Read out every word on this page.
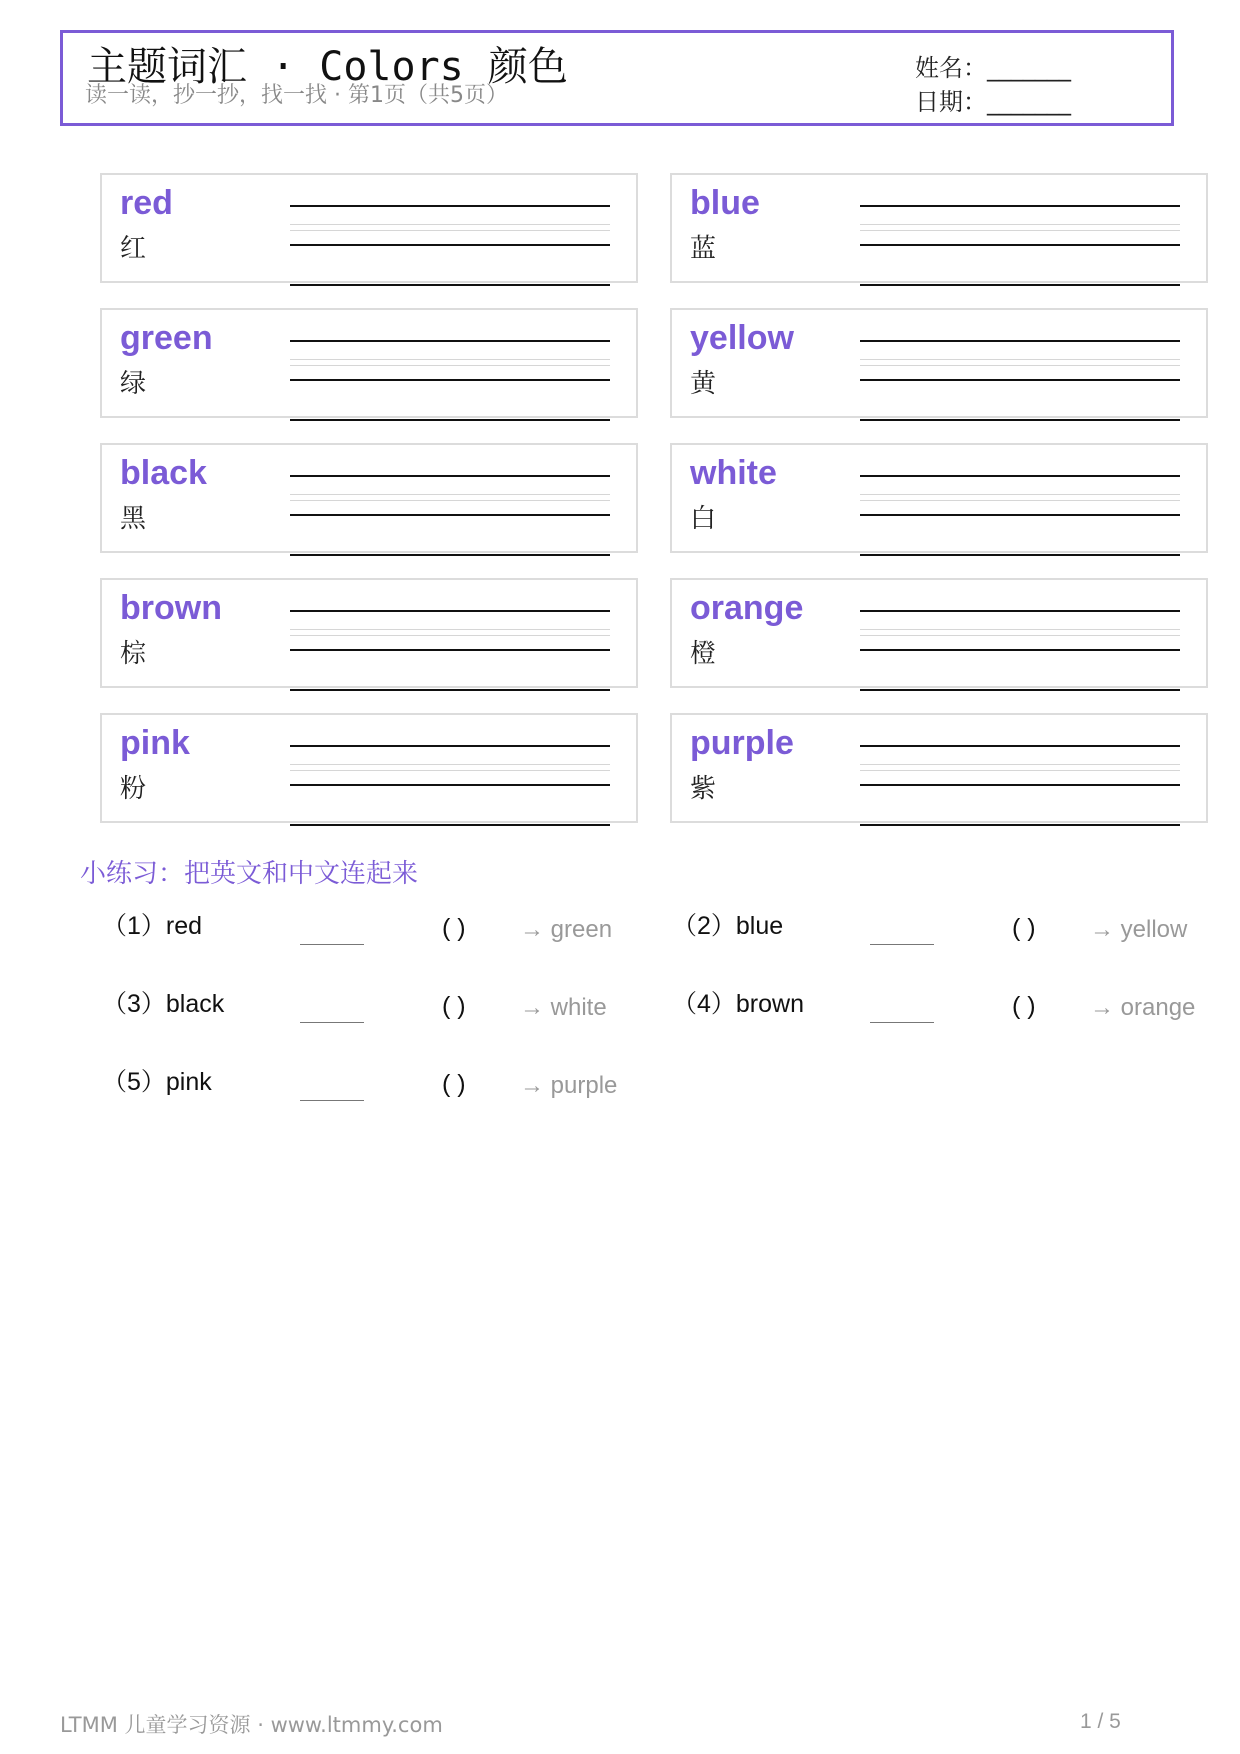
主题词汇 · Colors 颜色
读一读，抄一抄，找一找 · 第1页（共5页）
姓名：_______
日期：_______
red
红
blue
蓝
green
绿
yellow
黄
black
黑
white
白
brown
棕
orange
橙
pink
粉
purple
紫
小练习：把英文和中文连起来
（1）red	( ) → green （2）blue	( ) → yellow
（3）black	( ) → white	（4）brown	( ) → orange
（5）pink	( ) → purple
LTMM 儿童学习资源 · www.ltmmy.com	1 / 5
